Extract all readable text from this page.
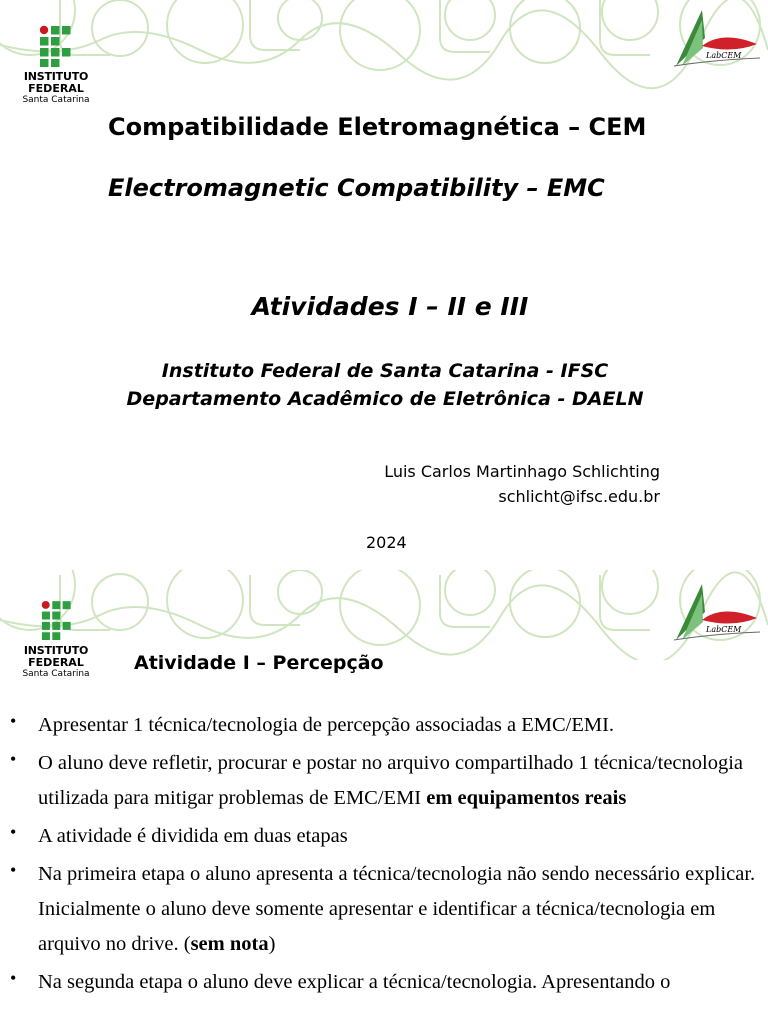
INSTITUTO
FEDERAL
Santa Catarina
LabCEM
Compatibilidade Eletromagnética – CEM
Electromagnetic Compatibility – EMC
Atividades I – II e III
Instituto Federal de Santa Catarina - IFSC
Departamento Acadêmico de Eletrônica - DAELN
Luis Carlos Martinhago Schlichting
schlicht@ifsc.edu.br
2024
INSTITUTO
FEDERAL
Santa Catarina
LabCEM
Atividade I – Percepção
• Apresentar 1 técnica/tecnologia de percepção associadas a EMC/EMI.
• O aluno deve refletir, procurar e postar no arquivo compartilhado 1 técnica/tecnologia utilizada para mitigar problemas de EMC/EMI em equipamentos reais
• A atividade é dividida em duas etapas
• Na primeira etapa o aluno apresenta a técnica/tecnologia não sendo necessário explicar. Inicialmente o aluno deve somente apresentar e identificar a técnica/tecnologia em arquivo no drive. (sem nota)
• Na segunda etapa o aluno deve explicar a técnica/tecnologia. Apresentando o
